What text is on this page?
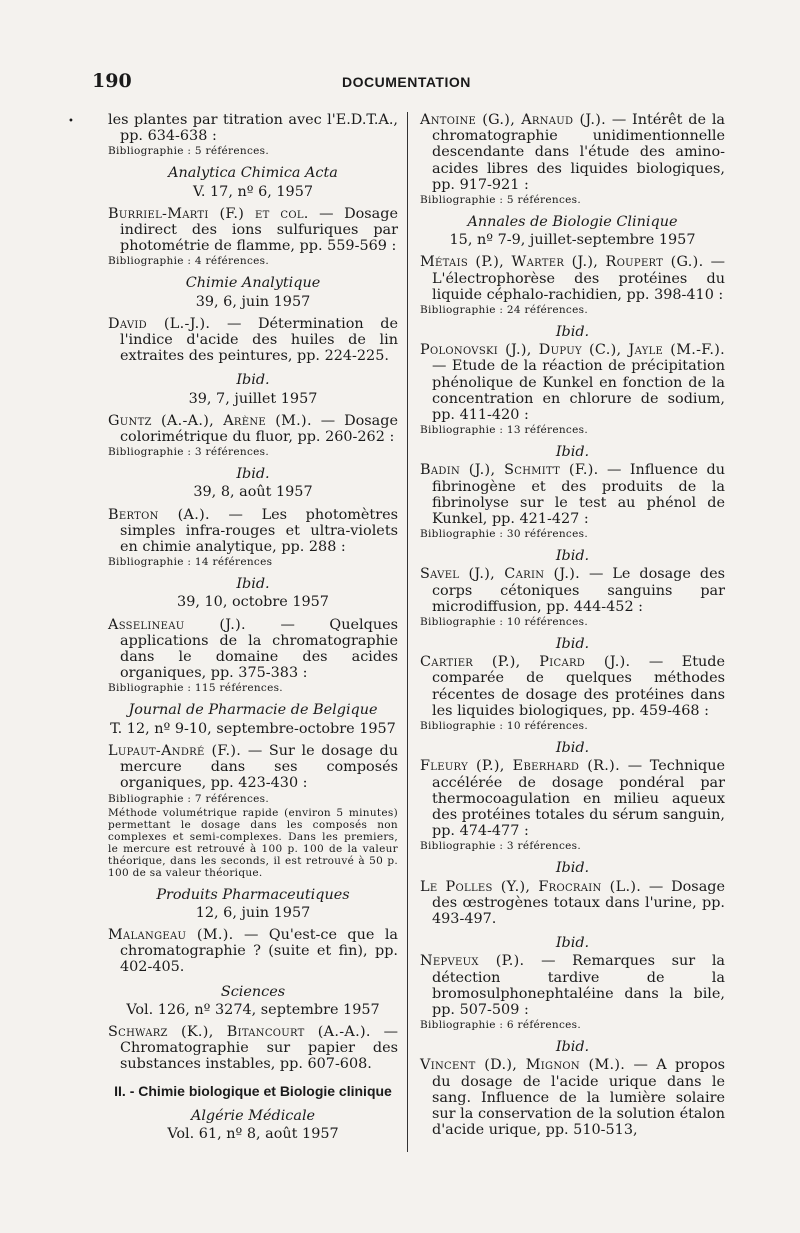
190	DOCUMENTATION
• les plantes par titration avec l'E.D.T.A., pp. 634-638 :
Bibliographie : 5 références.
Analytica Chimica Acta
V. 17, nº 6, 1957
Burriel-Marti (F.) et col. — Dosage indirect des ions sulfuriques par photométrie de flamme, pp. 559-569 :
Bibliographie : 4 références.
Chimie Analytique
39, 6, juin 1957
David (L.-J.). — Détermination de l'indice d'acide des huiles de lin extraites des peintures, pp. 224-225.
Ibid.
39, 7, juillet 1957
Guntz (A.-A.), Arène (M.). — Dosage colorimétrique du fluor, pp. 260-262 :
Bibliographie : 3 références.
Ibid.
39, 8, août 1957
Berton (A.). — Les photomètres simples infra-rouges et ultra-violets en chimie analytique, pp. 288 :
Bibliographie : 14 références
Ibid.
39, 10, octobre 1957
Asselineau (J.). — Quelques applications de la chromatographie dans le domaine des acides organiques, pp. 375-383 :
Bibliographie : 115 références.
Journal de Pharmacie de Belgique
T. 12, nº 9-10, septembre-octobre 1957
Lupaut-André (F.). — Sur le dosage du mercure dans ses composés organiques, pp. 423-430 :
Bibliographie : 7 références.
Méthode volumétrique rapide (environ 5 minutes) permettant le dosage dans les composés non complexes et semi-complexes. Dans les premiers, le mercure est retrouvé à 100 p. 100 de la valeur théorique, dans les seconds, il est retrouvé à 50 p. 100 de sa valeur théorique.
Produits Pharmaceutiques
12, 6, juin 1957
Malangeau (M.). — Qu'est-ce que la chromatographie ? (suite et fin), pp. 402-405.
Sciences
Vol. 126, nº 3274, septembre 1957
Schwarz (K.), Bitancourt (A.-A.). — Chromatographie sur papier des substances instables, pp. 607-608.
II. - Chimie biologique et Biologie clinique
Algérie Médicale
Vol. 61, nº 8, août 1957
Antoine (G.), Arnaud (J.). — Intérêt de la chromatographie unidimentionnelle descendante dans l'étude des amino-acides libres des liquides biologiques, pp. 917-921 :
Bibliographie : 5 références.
Annales de Biologie Clinique
15, nº 7-9, juillet-septembre 1957
Métais (P.), Warter (J.), Roupert (G.). — L'électrophorèse des protéines du liquide céphalo-rachidien, pp. 398-410 :
Bibliographie : 24 références.
Ibid.
Polonovski (J.), Dupuy (C.), Jayle (M.-F.). — Etude de la réaction de précipitation phénolique de Kunkel en fonction de la concentration en chlorure de sodium, pp. 411-420 :
Bibliographie : 13 références.
Ibid.
Badin (J.), Schmitt (F.). — Influence du fibrinogène et des produits de la fibrinolyse sur le test au phénol de Kunkel, pp. 421-427 :
Bibliographie : 30 références.
Ibid.
Savel (J.), Carin (J.). — Le dosage des corps cétoniques sanguins par microdiffusion, pp. 444-452 :
Bibliographie : 10 références.
Ibid.
Cartier (P.), Picard (J.). — Etude comparée de quelques méthodes récentes de dosage des protéines dans les liquides biologiques, pp. 459-468 :
Bibliographie : 10 références.
Ibid.
Fleury (P.), Eberhard (R.). — Technique accélérée de dosage pondéral par thermocoagulation en milieu aqueux des protéines totales du sérum sanguin, pp. 474-477 :
Bibliographie : 3 références.
Ibid.
Le Polles (Y.), Frocrain (L.). — Dosage des œstrogènes totaux dans l'urine, pp. 493-497.
Ibid.
Nepveux (P.). — Remarques sur la détection tardive de la bromosulphonephtaléine dans la bile, pp. 507-509 :
Bibliographie : 6 références.
Ibid.
Vincent (D.), Mignon (M.). — A propos du dosage de l'acide urique dans le sang. Influence de la lumière solaire sur la conservation de la solution étalon d'acide urique, pp. 510-513,
